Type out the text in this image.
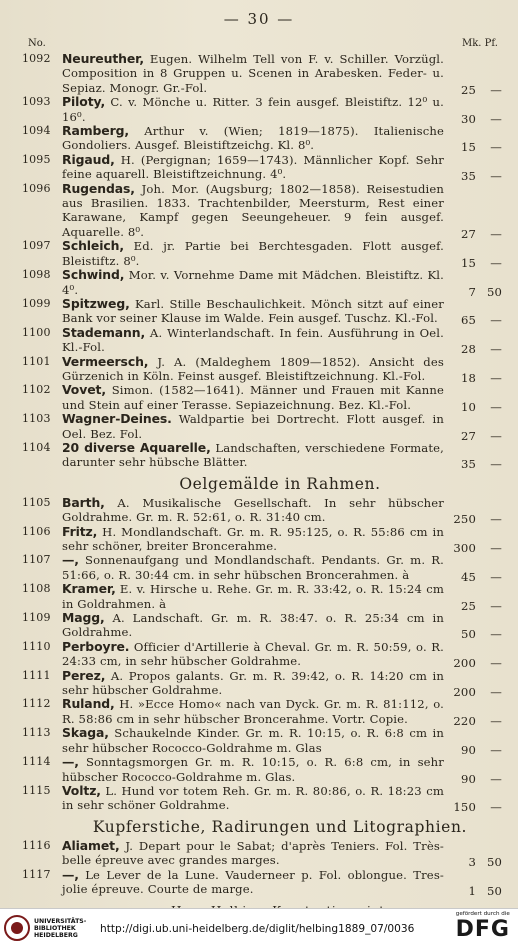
— 30 —
No.	Mk. Pf.
1092 Neureuther, Eugen. Wilhelm Tell von F. v. Schiller. Vorzügl. Composition in 8 Gruppen u. Scenen in Arabesken. Feder- u. Sepiaz. Monogr. Gr.-Fol.	25	—
1093 Piloty, C. v. Mönche u. Ritter. 3 fein ausgef. Bleistiftz. 12⁰ u. 16⁰.	30	—
1094 Ramberg, Arthur v. (Wien; 1819—1875). Italienische Gondoliers. Ausgef. Bleistiftzeichg. Kl. 8⁰.	15	—
1095 Rigaud, H. (Pergignan; 1659—1743). Männlicher Kopf. Sehr feine aquarell. Bleistiftzeichnung. 4⁰.	35	—
1096 Rugendas, Joh. Mor. (Augsburg; 1802—1858). Reisestudien aus Brasilien. 1833. Trachtenbilder, Meersturm, Rest einer Karawane, Kampf gegen Seeungeheuer. 9 fein ausgef. Aquarelle. 8⁰.	27	—
1097 Schleich, Ed. jr. Partie bei Berchtesgaden. Flott ausgef. Bleistiftz. 8⁰.	15	—
1098 Schwind, Mor. v. Vornehme Dame mit Mädchen. Bleistiftz. Kl. 4⁰.	7 50
1099 Spitzweg, Karl. Stille Beschaulichkeit. Mönch sitzt auf einer Bank vor seiner Klause im Walde. Fein ausgef. Tuschz. Kl.-Fol.	65	—
1100 Stademann, A. Winterlandschaft. In fein. Ausführung in Oel. Kl.-Fol.	28	—
1101 Vermeersch, J. A. (Maldeghem 1809—1852). Ansicht des Gürzenich in Köln. Feinst ausgef. Bleistiftzeichnung. Kl.-Fol.	18	—
1102 Vovet, Simon. (1582—1641). Männer und Frauen mit Kanne und Stein auf einer Terasse. Sepiazeichnung. Bez. Kl.-Fol.	10	—
1103 Wagner-Deines. Waldpartie bei Dortrecht. Flott ausgef. in Oel. Bez. Fol.	27	—
1104 20 diverse Aquarelle, Landschaften, verschiedene Formate, darunter sehr hübsche Blätter.	35	—
Oelgemälde in Rahmen.
1105 Barth, A. Musikalische Gesellschaft. In sehr hübscher Goldrahme. Gr. m. R. 52:61, o. R. 31:40 cm.	250	—
1106 Fritz, H. Mondlandschaft. Gr. m. R. 95:125, o. R. 55:86 cm in sehr schöner, breiter Broncerahme.	300	—
1107 —, Sonnenaufgang und Mondlandschaft. Pendants. Gr. m. R. 51:66, o. R. 30:44 cm. in sehr hübschen Broncerahmen. à	45	—
1108 Kramer, E. v. Hirsche u. Rehe. Gr. m. R. 33:42, o. R. 15:24 cm in Goldrahmen. à	25	—
1109 Magg, A. Landschaft. Gr. m. R. 38:47. o. R. 25:34 cm in Goldrahme.	50	—
1110 Perboyre. Officier d'Artillerie à Cheval. Gr. m. R. 50:59, o. R. 24:33 cm, in sehr hübscher Goldrahme.	200	—
1111 Perez, A. Propos galants. Gr. m. R. 39:42, o. R. 14:20 cm in sehr hübscher Goldrahme.	200	—
1112 Ruland, H. »Ecce Homo« nach van Dyck. Gr. m. R. 81:112, o. R. 58:86 cm in sehr hübscher Broncerahme. Vortr. Copie.	220	—
1113 Skaga, Schaukelnde Kinder. Gr. m. R. 10:15, o. R. 6:8 cm in sehr hübscher Rococco-Goldrahme m. Glas	90	—
1114 —, Sonntagsmorgen Gr. m. R. 10:15, o. R. 6:8 cm, in sehr hübscher Rococco-Goldrahme m. Glas.	90	—
1115 Voltz, L. Hund vor totem Reh. Gr. m. R. 80:86, o. R. 18:23 cm in sehr schöner Goldrahme.	150	—
Kupferstiche, Radirungen und Litographien.
1116 Aliamet, J. Depart pour le Sabat; d'après Teniers. Fol. Très-belle épreuve avec grandes marges.	3 50
1117 —, Le Lever de la Lune. Vauderneer p. Fol. oblongue. Tres-jolie épreuve. Courte de marge.	1 50
UNIVERSITÄTS-
BIBLIOTHEK
HEIDELBERG	http://digi.ub.uni-heidelberg.de/diglit/helbing1889_07/0036
gefördert durch die
DFG
